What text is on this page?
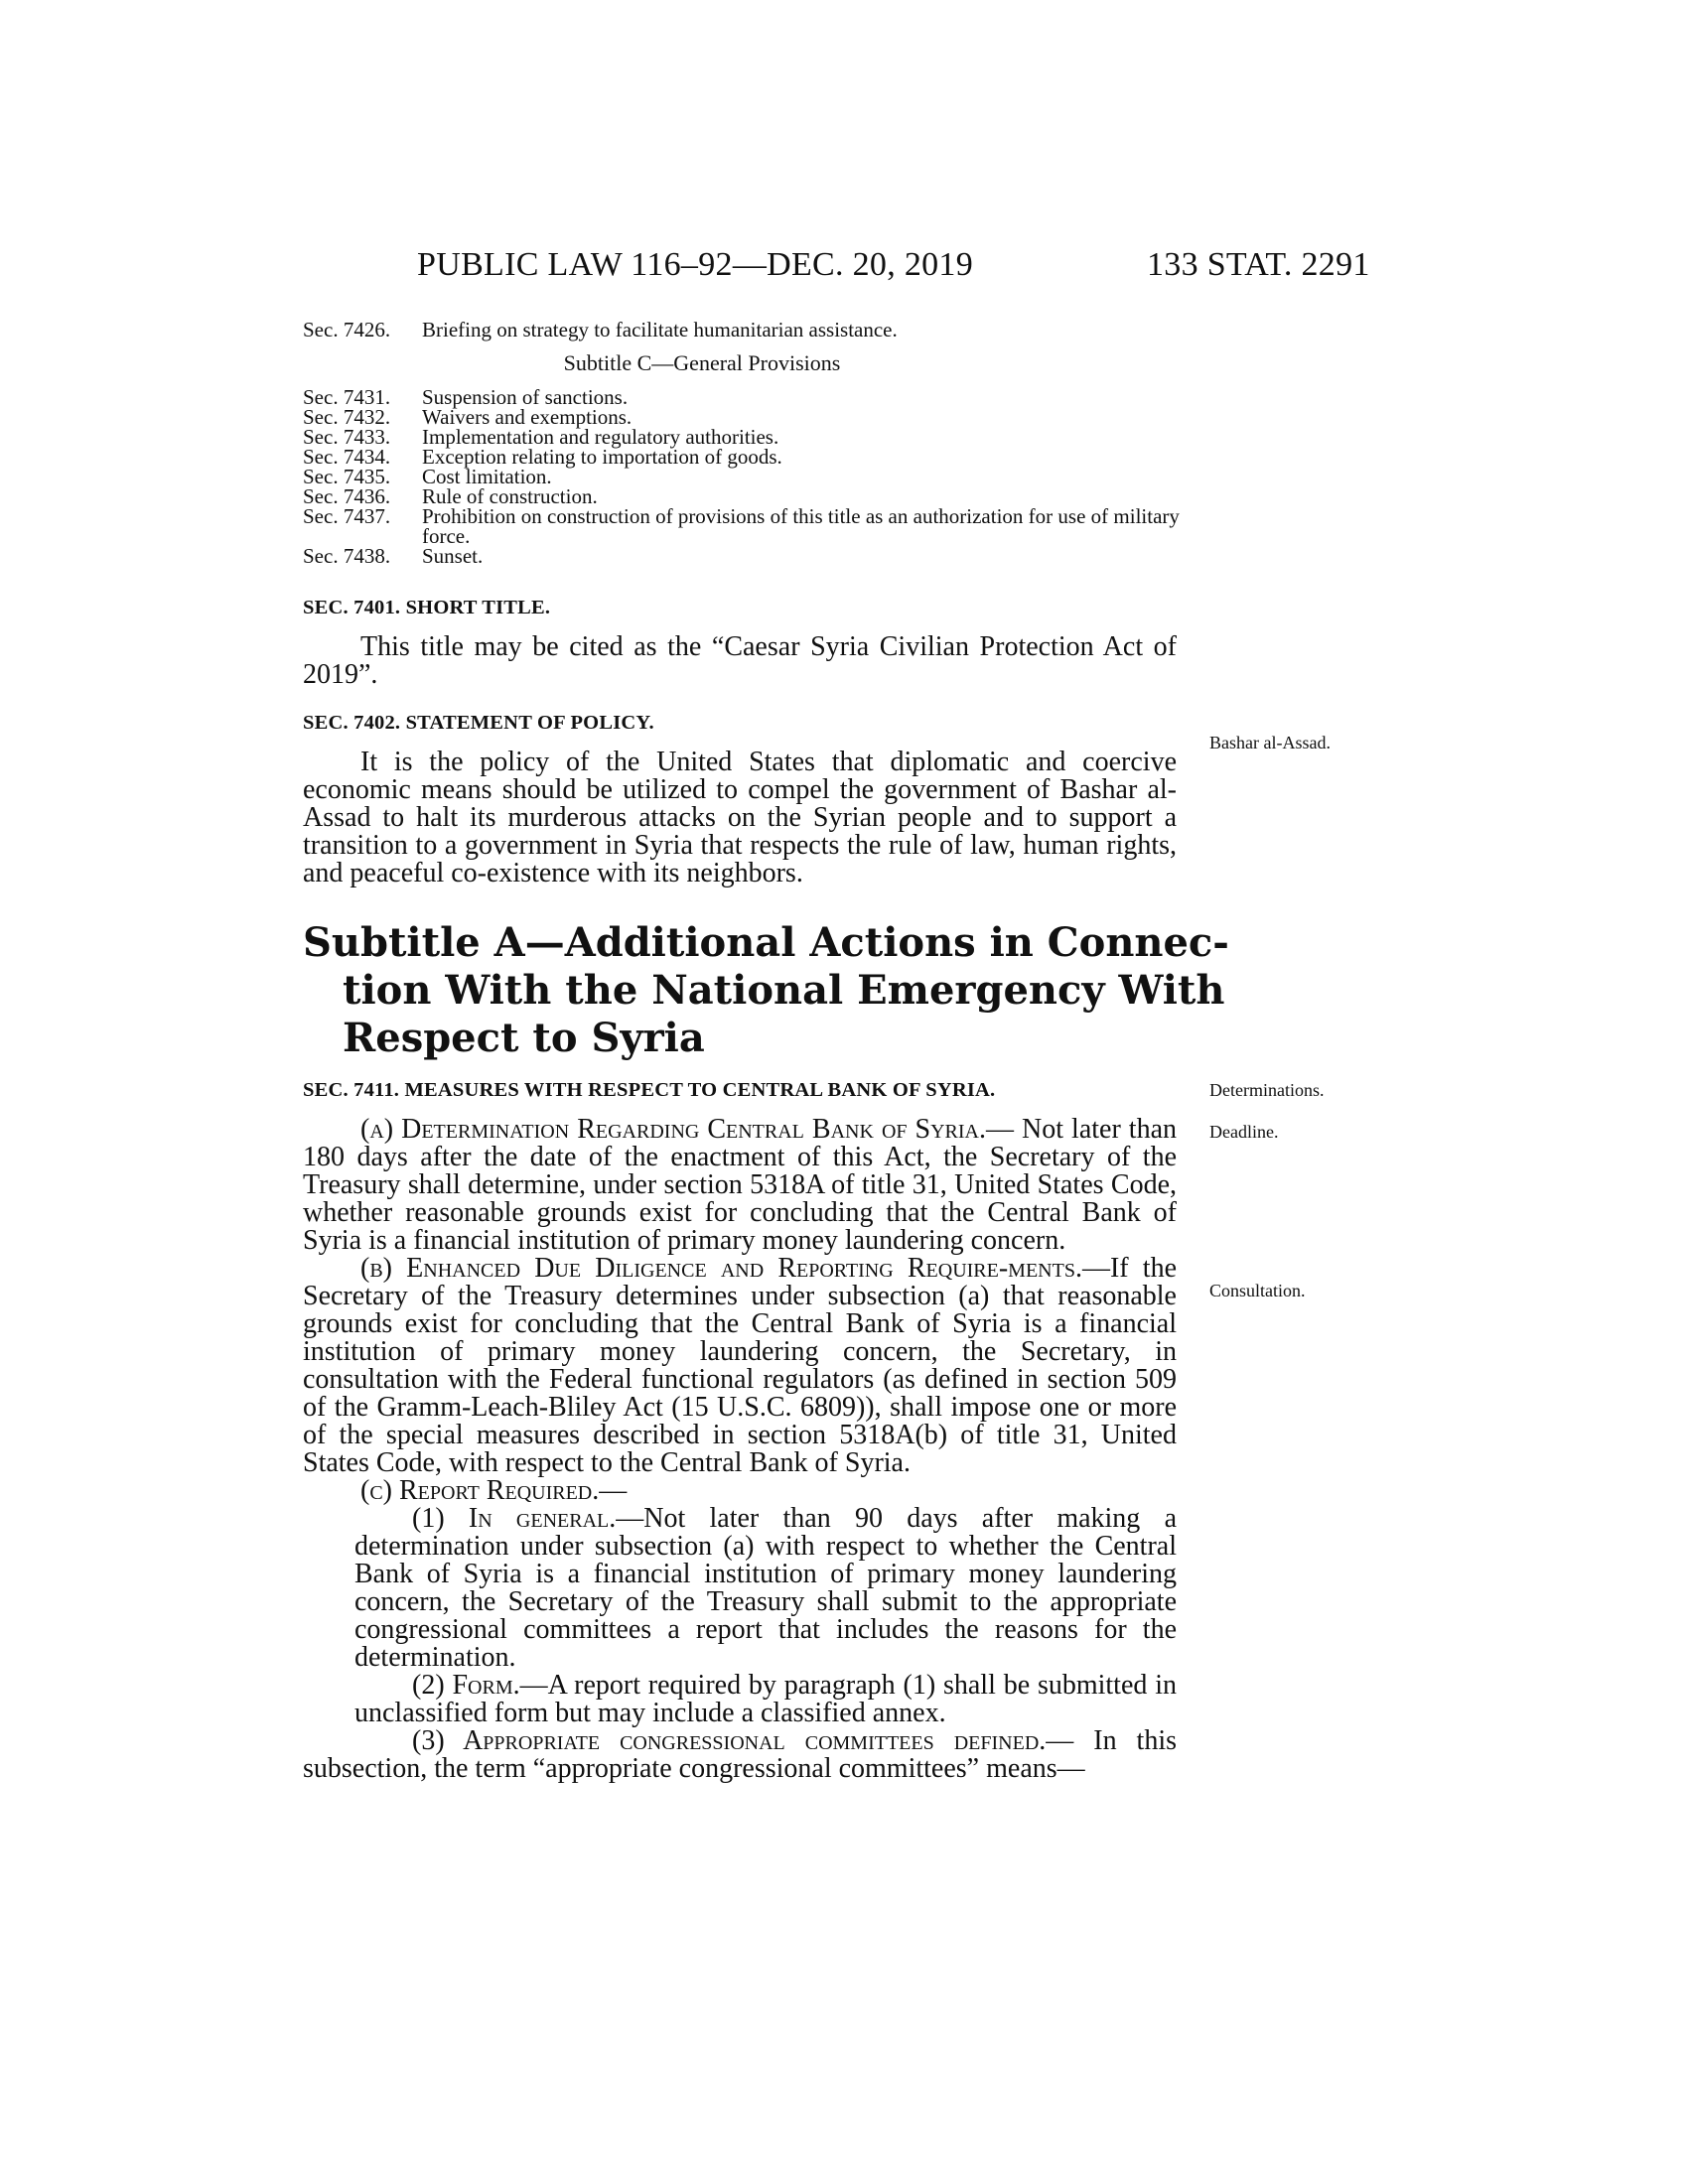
PUBLIC LAW 116–92—DEC. 20, 2019	133 STAT. 2291
Sec. 7426.	Briefing on strategy to facilitate humanitarian assistance.
Subtitle C—General Provisions
Sec. 7431.	Suspension of sanctions.
Sec. 7432.	Waivers and exemptions.
Sec. 7433.	Implementation and regulatory authorities.
Sec. 7434.	Exception relating to importation of goods.
Sec. 7435.	Cost limitation.
Sec. 7436.	Rule of construction.
Sec. 7437.	Prohibition on construction of provisions of this title as an authorization for use of military force.
Sec. 7438.	Sunset.
SEC. 7401. SHORT TITLE.

This title may be cited as the “Caesar Syria Civilian Protection Act of 2019”.

SEC. 7402. STATEMENT OF POLICY.

It is the policy of the United States that diplomatic and coercive economic means should be utilized to compel the government of Bashar al-Assad to halt its murderous attacks on the Syrian people and to support a transition to a government in Syria that respects the rule of law, human rights, and peaceful co-existence with its neighbors.

Subtitle A—Additional Actions in Connec-
tion With the National Emergency With
Respect to Syria
SEC. 7411. MEASURES WITH RESPECT TO CENTRAL BANK OF SYRIA.

(a) Determination Regarding Central Bank of Syria.— Not later than 180 days after the date of the enactment of this Act, the Secretary of the Treasury shall determine, under section 5318A of title 31, United States Code, whether reasonable grounds exist for concluding that the Central Bank of Syria is a financial institution of primary money laundering concern.

(b) Enhanced Due Diligence and Reporting Require-ments.—If the Secretary of the Treasury determines under subsection (a) that reasonable grounds exist for concluding that the Central Bank of Syria is a financial institution of primary money laundering concern, the Secretary, in consultation with the Federal functional regulators (as defined in section 509 of the Gramm-Leach-Bliley Act (15 U.S.C. 6809)), shall impose one or more of the special measures described in section 5318A(b) of title 31, United States Code, with respect to the Central Bank of Syria.

(c) Report Required.—

(1) In general.—Not later than 90 days after making a determination under subsection (a) with respect to whether the Central Bank of Syria is a financial institution of primary money laundering concern, the Secretary of the Treasury shall submit to the appropriate congressional committees a report that includes the reasons for the determination.

(2) Form.—A report required by paragraph (1) shall be submitted in unclassified form but may include a classified annex.

(3) Appropriate congressional committees defined.— In this subsection, the term “appropriate congressional committees” means—

Bashar al-Assad.
Determinations.
Deadline.
Consultation.
